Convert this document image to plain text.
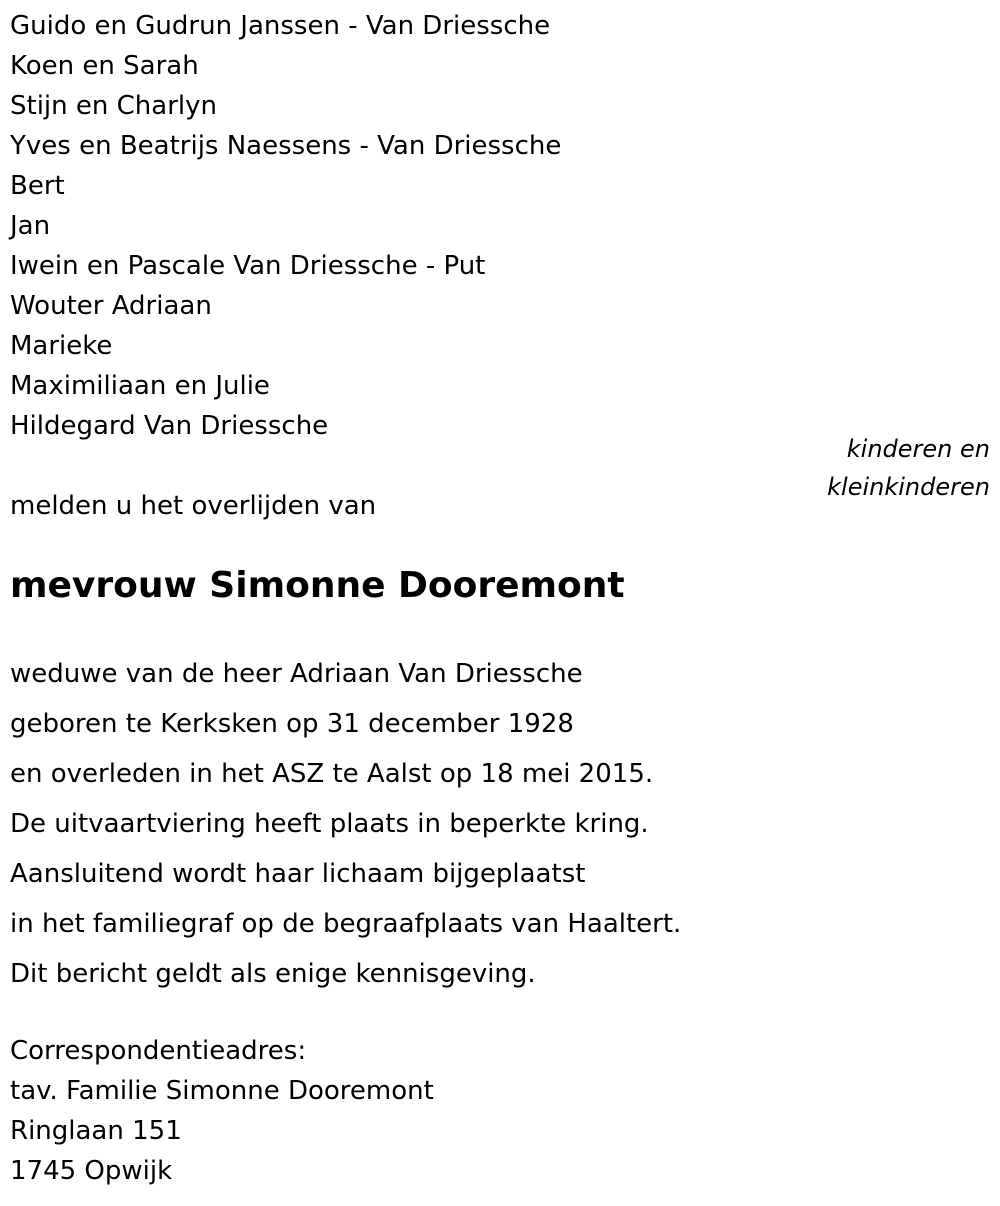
Guido en Gudrun Janssen - Van Driessche
Koen en Sarah
Stijn en Charlyn
Yves en Beatrijs Naessens - Van Driessche
Bert
Jan
Iwein en Pascale Van Driessche - Put
Wouter Adriaan
Marieke
Maximiliaan en Julie
Hildegard Van Driessche
kinderen en
kleinkinderen

melden u het overlijden van

mevrouw Simonne Dooremont
weduwe van de heer Adriaan Van Driessche
geboren te Kerksken op 31 december 1928
en overleden in het ASZ te Aalst op 18 mei 2015.
De uitvaartviering heeft plaats in beperkte kring.
Aansluitend wordt haar lichaam bijgeplaatst
in het familiegraf op de begraafplaats van Haaltert.
Dit bericht geldt als enige kennisgeving.
Correspondentieadres:
tav. Familie Simonne Dooremont
Ringlaan 151
1745 Opwijk
